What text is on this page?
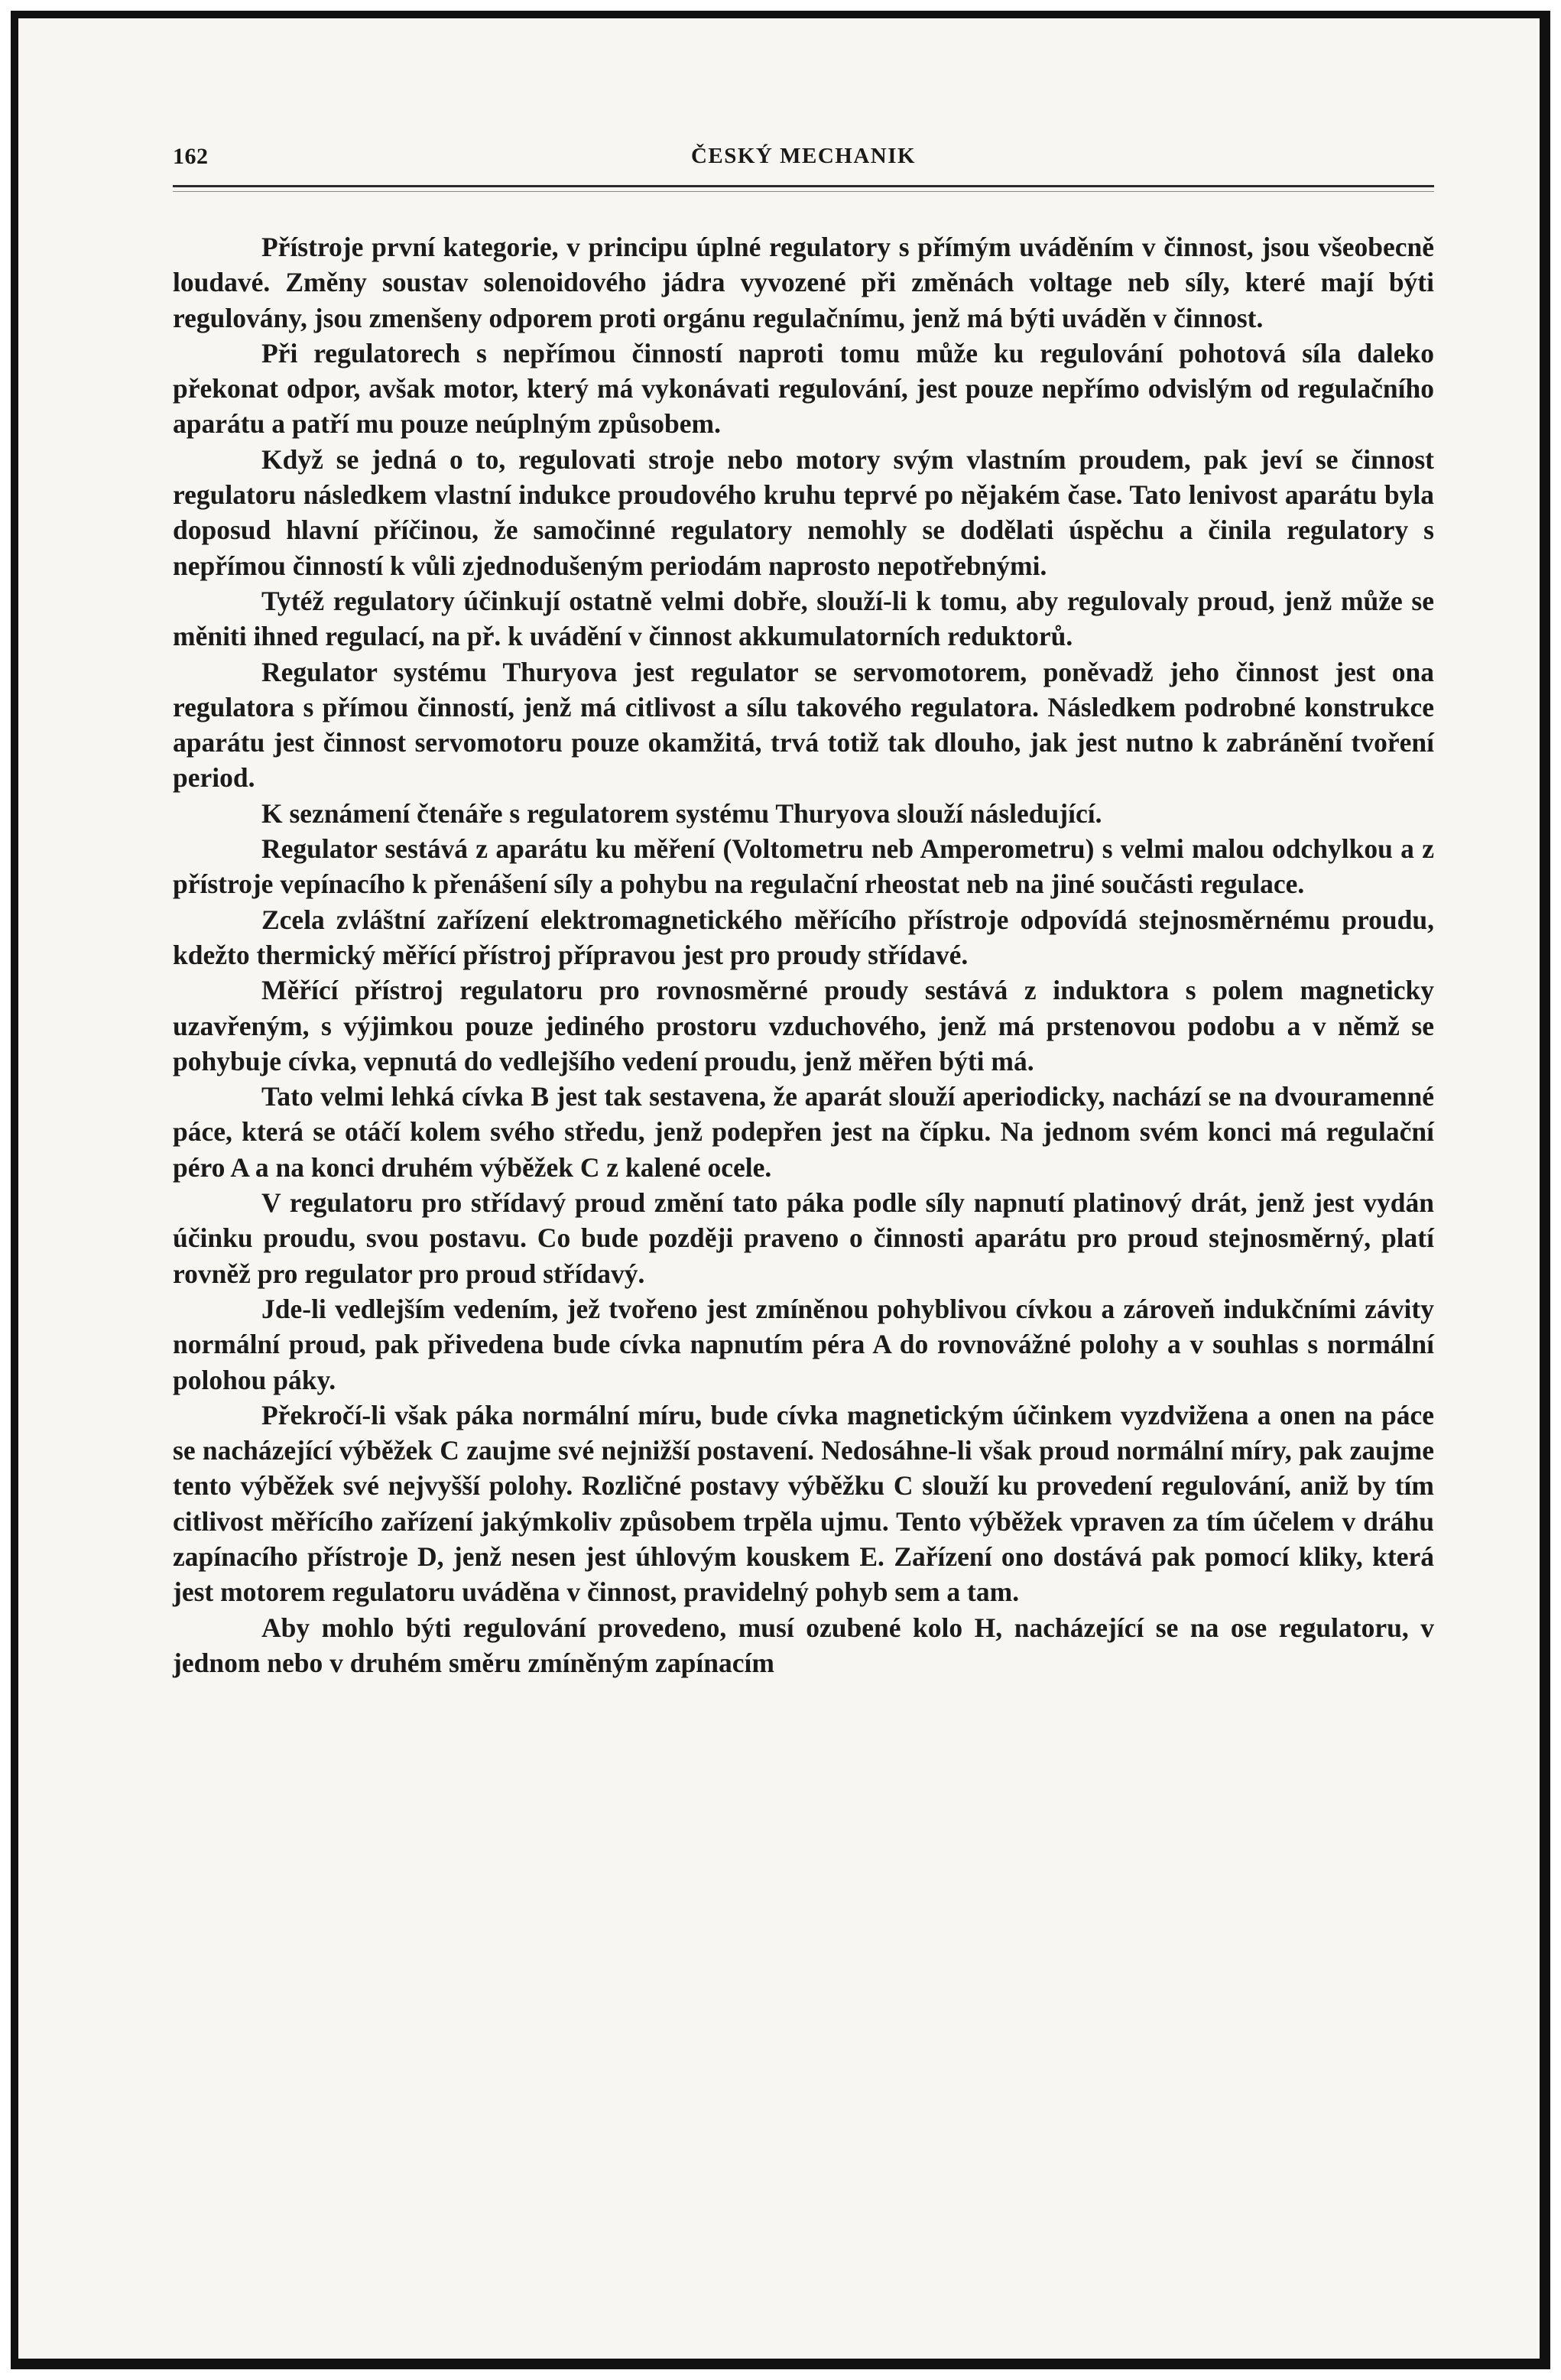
162	ČESKÝ MECHANIK

Přístroje první kategorie, v principu úplné regulatory s přímým uváděním v činnost, jsou všeobecně loudavé. Změny soustav solenoidového jádra vyvozené při změnách voltage neb síly, které mají býti regulovány, jsou zmenšeny odporem proti orgánu regulačnímu, jenž má býti uváděn v činnost.

Při regulatorech s nepřímou činností naproti tomu může ku regulování pohotová síla daleko překonat odpor, avšak motor, který má vykonávati regulování, jest pouze nepřímo odvislým od regulačního aparátu a patří mu pouze neúplným způsobem.

Když se jedná o to, regulovati stroje nebo motory svým vlastním proudem, pak jeví se činnost regulatoru následkem vlastní indukce proudového kruhu teprvé po nějakém čase. Tato lenivost aparátu byla doposud hlavní příčinou, že samočinné regulatory nemohly se dodělati úspěchu a činila regulatory s nepřímou činností k vůli zjednodušeným periodám naprosto nepotřebnými.

Tytéž regulatory účinkují ostatně velmi dobře, slouží-li k tomu, aby regulovaly proud, jenž může se měniti ihned regulací, na př. k uvádění v činnost akkumulatorních reduktorů.

Regulator systému Thuryova jest regulator se servomotorem, poněvadž jeho činnost jest ona regulatora s přímou činností, jenž má citlivost a sílu takového regulatora. Následkem podrobné konstrukce aparátu jest činnost servomotoru pouze okamžitá, trvá totiž tak dlouho, jak jest nutno k zabránění tvoření period.

K seznámení čtenáře s regulatorem systému Thuryova slouží následující.

Regulator sestává z aparátu ku měření (Voltometru neb Amperometru) s velmi malou odchylkou a z přístroje vepínacího k přenášení síly a pohybu na regulační rheostat neb na jiné součásti regulace.

Zcela zvláštní zařízení elektromagnetického měřícího přístroje odpovídá stejnosměrnému proudu, kdežto thermický měřící přístroj přípravou jest pro proudy střídavé.

Měřící přístroj regulatoru pro rovnosměrné proudy sestává z induktora s polem magneticky uzavřeným, s výjimkou pouze jediného prostoru vzduchového, jenž má prstenovou podobu a v němž se pohybuje cívka, vepnutá do vedlejšího vedení proudu, jenž měřen býti má.

Tato velmi lehká cívka B jest tak sestavena, že aparát slouží aperiodicky, nachází se na dvouramenné páce, která se otáčí kolem svého středu, jenž podepřen jest na čípku. Na jednom svém konci má regulační péro A a na konci druhém výběžek C z kalené ocele.

V regulatoru pro střídavý proud změní tato páka podle síly napnutí platinový drát, jenž jest vydán účinku proudu, svou postavu. Co bude později praveno o činnosti aparátu pro proud stejnosměrný, platí rovněž pro regulator pro proud střídavý.

Jde-li vedlejším vedením, jež tvořeno jest zmíněnou pohyblivou cívkou a zároveň indukčními závity normální proud, pak přivedena bude cívka napnutím péra A do rovnovážné polohy a v souhlas s normální polohou páky.

Překročí-li však páka normální míru, bude cívka magnetickým účinkem vyzdvižena a onen na páce se nacházející výběžek C zaujme své nejnižší postavení. Nedosáhne-li však proud normální míry, pak zaujme tento výběžek své nejvyšší polohy. Rozličné postavy výběžku C slouží ku provedení regulování, aniž by tím citlivost měřícího zařízení jakýmkoliv způsobem trpěla ujmu. Tento výběžek vpraven za tím účelem v dráhu zapínacího přístroje D, jenž nesen jest úhlovým kouskem E. Zařízení ono dostává pak pomocí kliky, která jest motorem regulatoru uváděna v činnost, pravidelný pohyb sem a tam.

Aby mohlo býti regulování provedeno, musí ozubené kolo H, nacházející se na ose regulatoru, v jednom nebo v druhém směru zmíněným zapínacím
